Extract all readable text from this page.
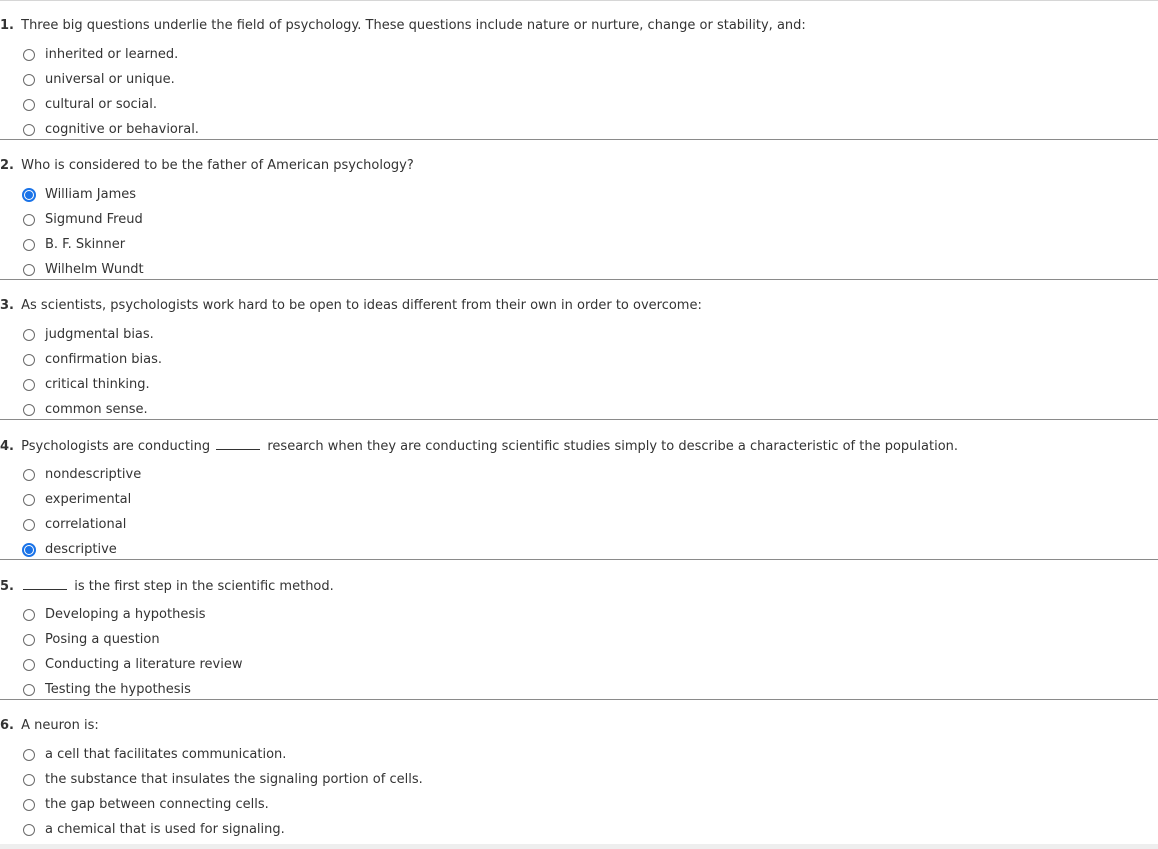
1. Three big questions underlie the field of psychology. These questions include nature or nurture, change or stability, and:
inherited or learned.
universal or unique.
cultural or social.
cognitive or behavioral.
2. Who is considered to be the father of American psychology?
William James
Sigmund Freud
B. F. Skinner
Wilhelm Wundt
3. As scientists, psychologists work hard to be open to ideas different from their own in order to overcome:
judgmental bias.
confirmation bias.
critical thinking.
common sense.
4. Psychologists are conducting	research when they are conducting scientific studies simply to describe a characteristic of the population.
nondescriptive
experimental
correlational
descriptive
5.	is the first step in the scientific method.
Developing a hypothesis
Posing a question
Conducting a literature review
Testing the hypothesis
6. A neuron is:
a cell that facilitates communication.
the substance that insulates the signaling portion of cells.
the gap between connecting cells.
a chemical that is used for signaling.
